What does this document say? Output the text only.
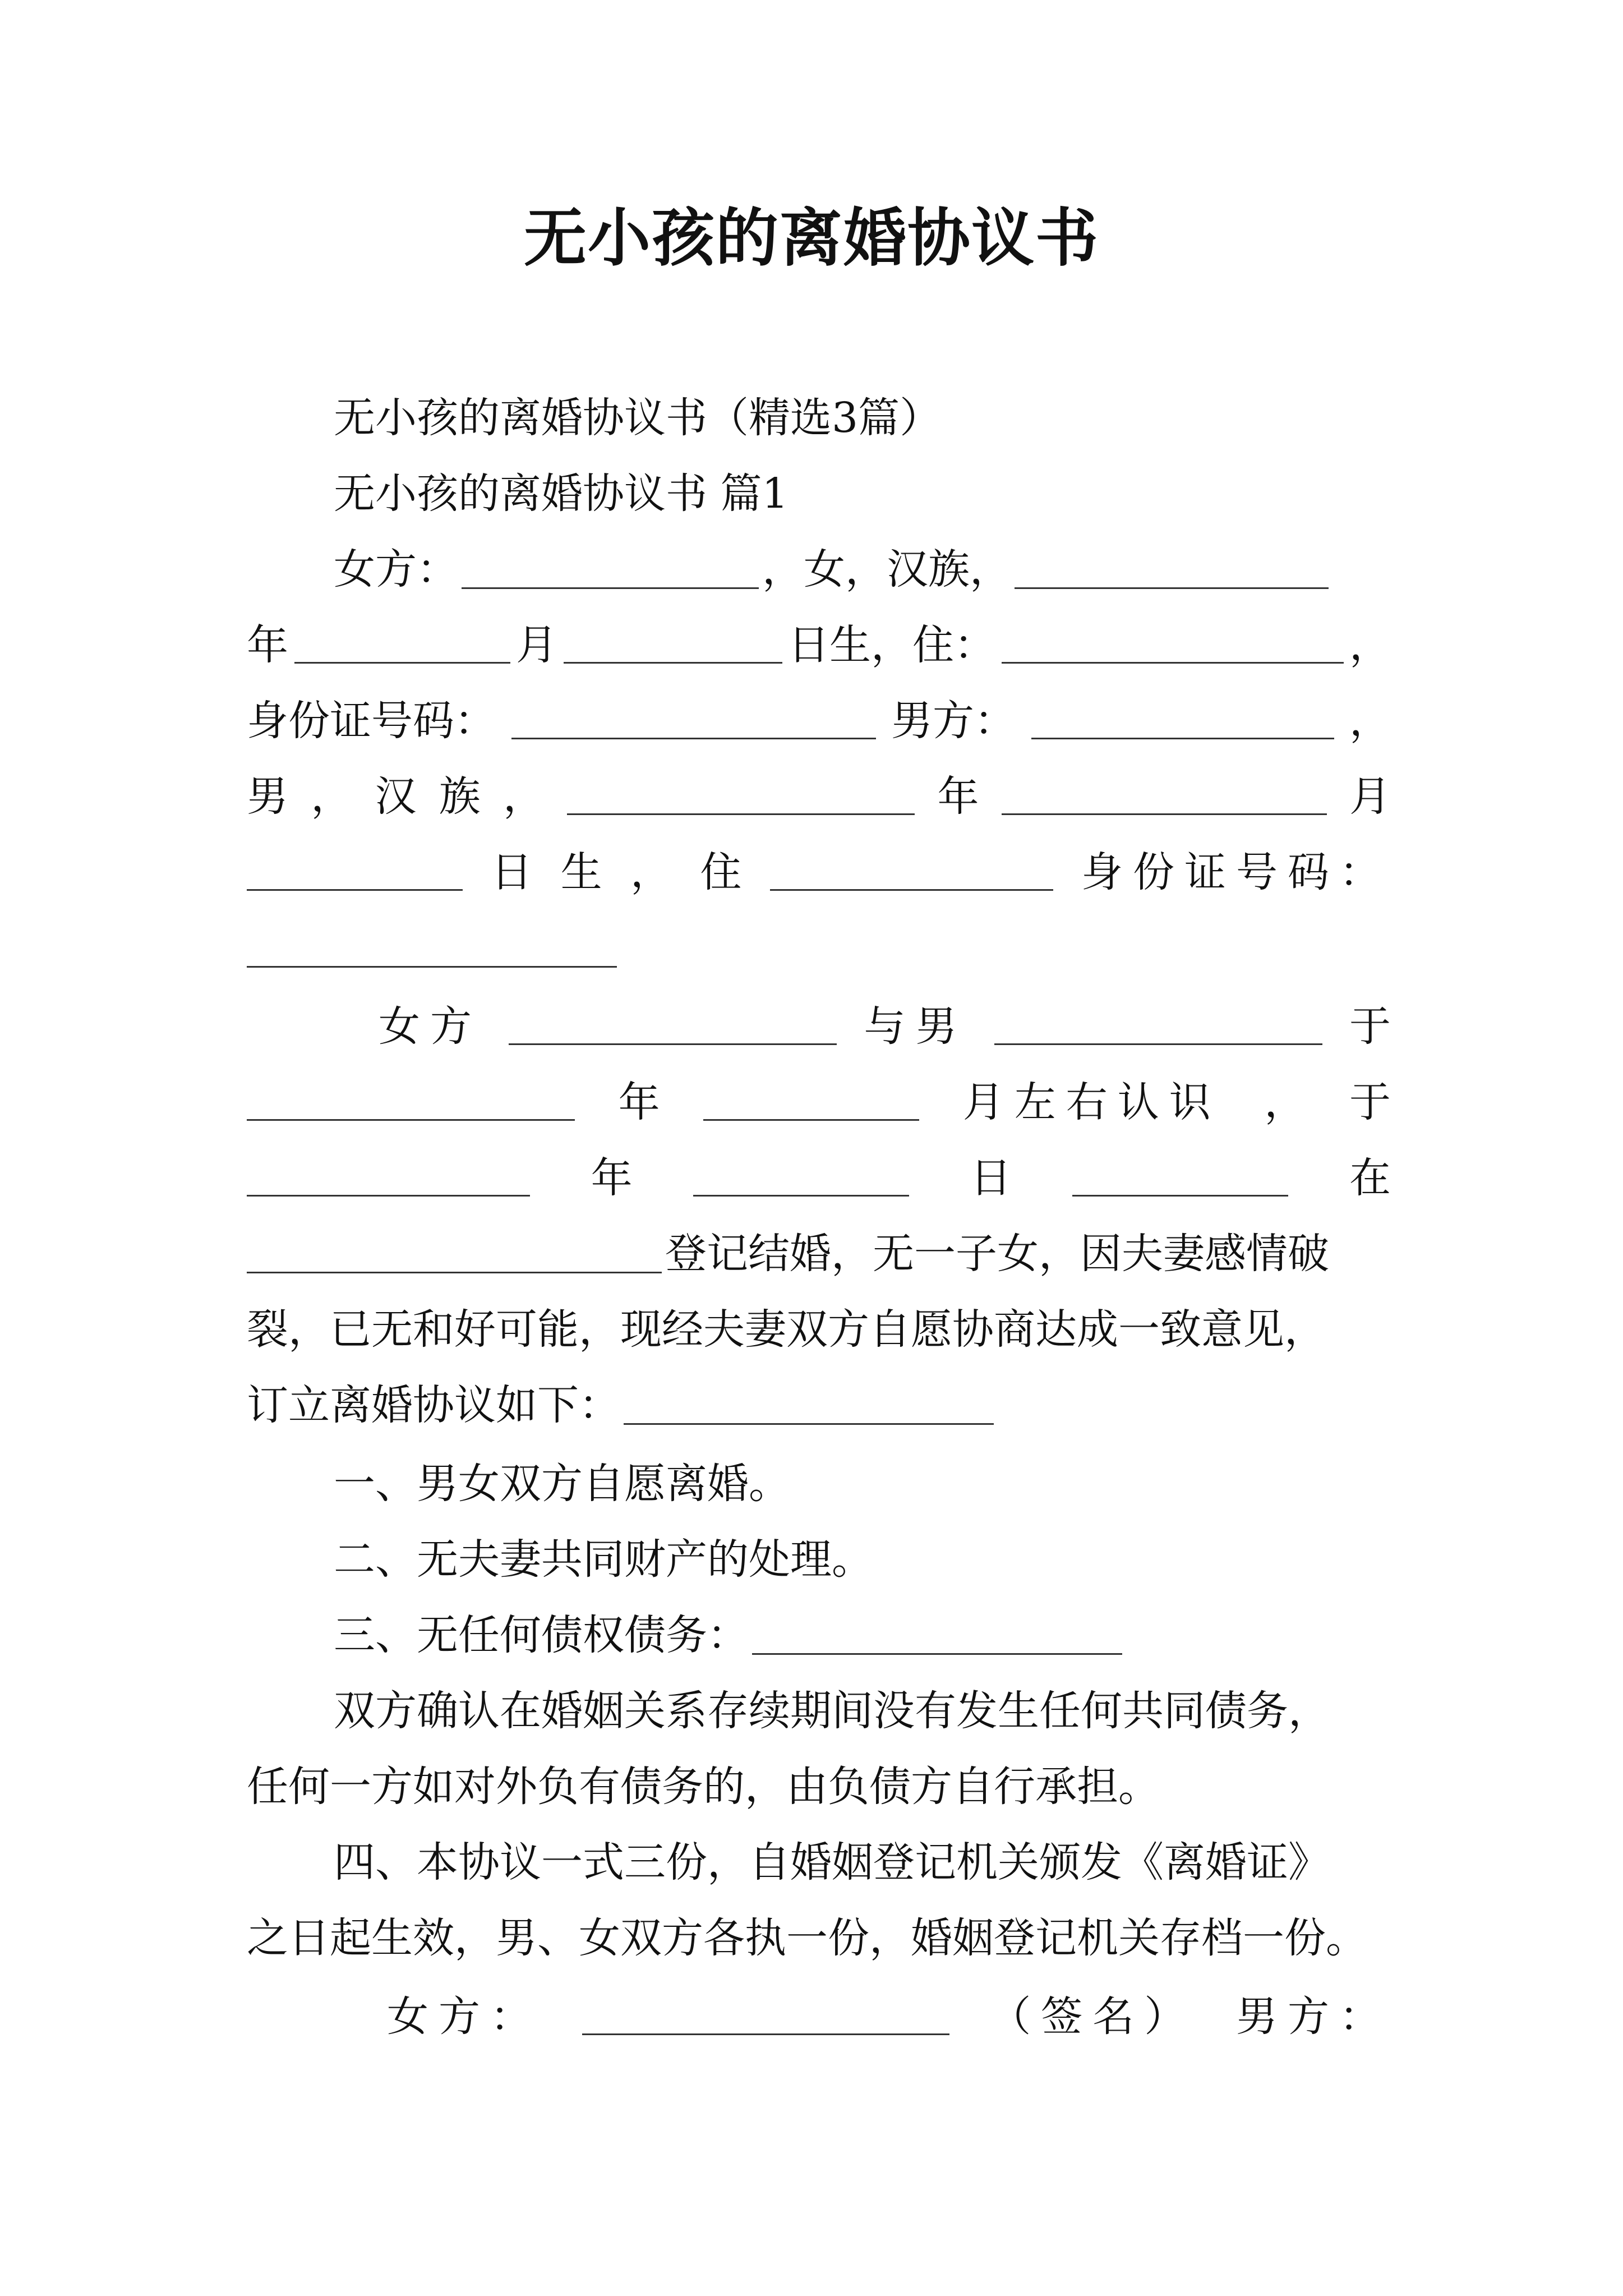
无小孩的离婚协议书
无小孩的离婚协议书（精选3篇）
无小孩的离婚协议书 篇1
女方：	，女，汉族，
年	月	日生，住：	，
身份证号码：	男方：	，
男 ， 汉 族 ，	年	月
日 生 ， 住	身份证号码：
女方	与男	于
年	月左右认识 ， 于
年	日	在
登记结婚，无一子女，因夫妻感情破
裂，已无和好可能，现经夫妻双方自愿协商达成一致意见，
订立离婚协议如下：
一、男女双方自愿离婚。
二、无夫妻共同财产的处理。
三、无任何债权债务：
双方确认在婚姻关系存续期间没有发生任何共同债务，
任何一方如对外负有债务的，由负债方自行承担。
四、本协议一式三份，自婚姻登记机关颁发《离婚证》
之日起生效，男、女双方各执一份，婚姻登记机关存档一份。
女方：	（签名） 男方：
